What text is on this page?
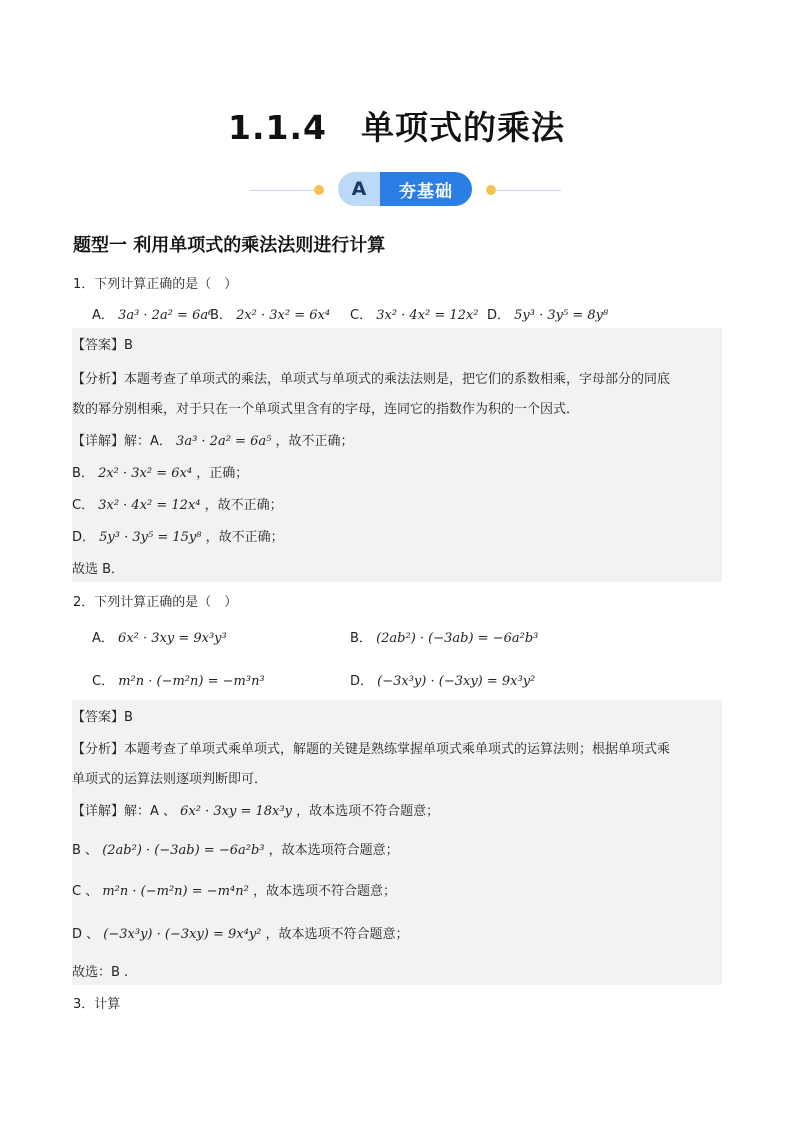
1.1.4　单项式的乘法
A	夯基础
题型一 利用单项式的乘法法则进行计算
1．下列计算正确的是（　）
A． 3a³ · 2a² = 6a⁶
B． 2x² · 3x² = 6x⁴ C． 3x² · 4x² = 12x² D． 5y³ · 3y⁵ = 8y⁸
【答案】B
【分析】本题考查了单项式的乘法，单项式与单项式的乘法法则是，把它们的系数相乘，字母部分的同底
数的幂分别相乘，对于只在一个单项式里含有的字母，连同它的指数作为积的一个因式．
【详解】解：A． 3a³ · 2a² = 6a⁵ ，故不正确；
B． 2x² · 3x² = 6x⁴ ，正确；
C． 3x² · 4x² = 12x⁴ ，故不正确；
D． 5y³ · 3y⁵ = 15y⁸ ，故不正确；
故选 B．
2．下列计算正确的是（　）
A． 6x² · 3xy = 9x³y³	B． (2ab²) · (−3ab) = −6a²b³
C． m²n · (−m²n) = −m³n³	D． (−3x³y) · (−3xy) = 9x³y²
【答案】B
【分析】本题考查了单项式乘单项式，解题的关键是熟练掌握单项式乘单项式的运算法则；根据单项式乘
单项式的运算法则逐项判断即可．
【详解】解：A 、 6x² · 3xy = 18x³y ，故本选项不符合题意；
B 、 (2ab²) · (−3ab) = −6a²b³ ，故本选项符合题意；
C 、 m²n · (−m²n) = −m⁴n² ，故本选项不符合题意；
D 、 (−3x³y) · (−3xy) = 9x⁴y² ，故本选项不符合题意；
故选：B .
3．计算
